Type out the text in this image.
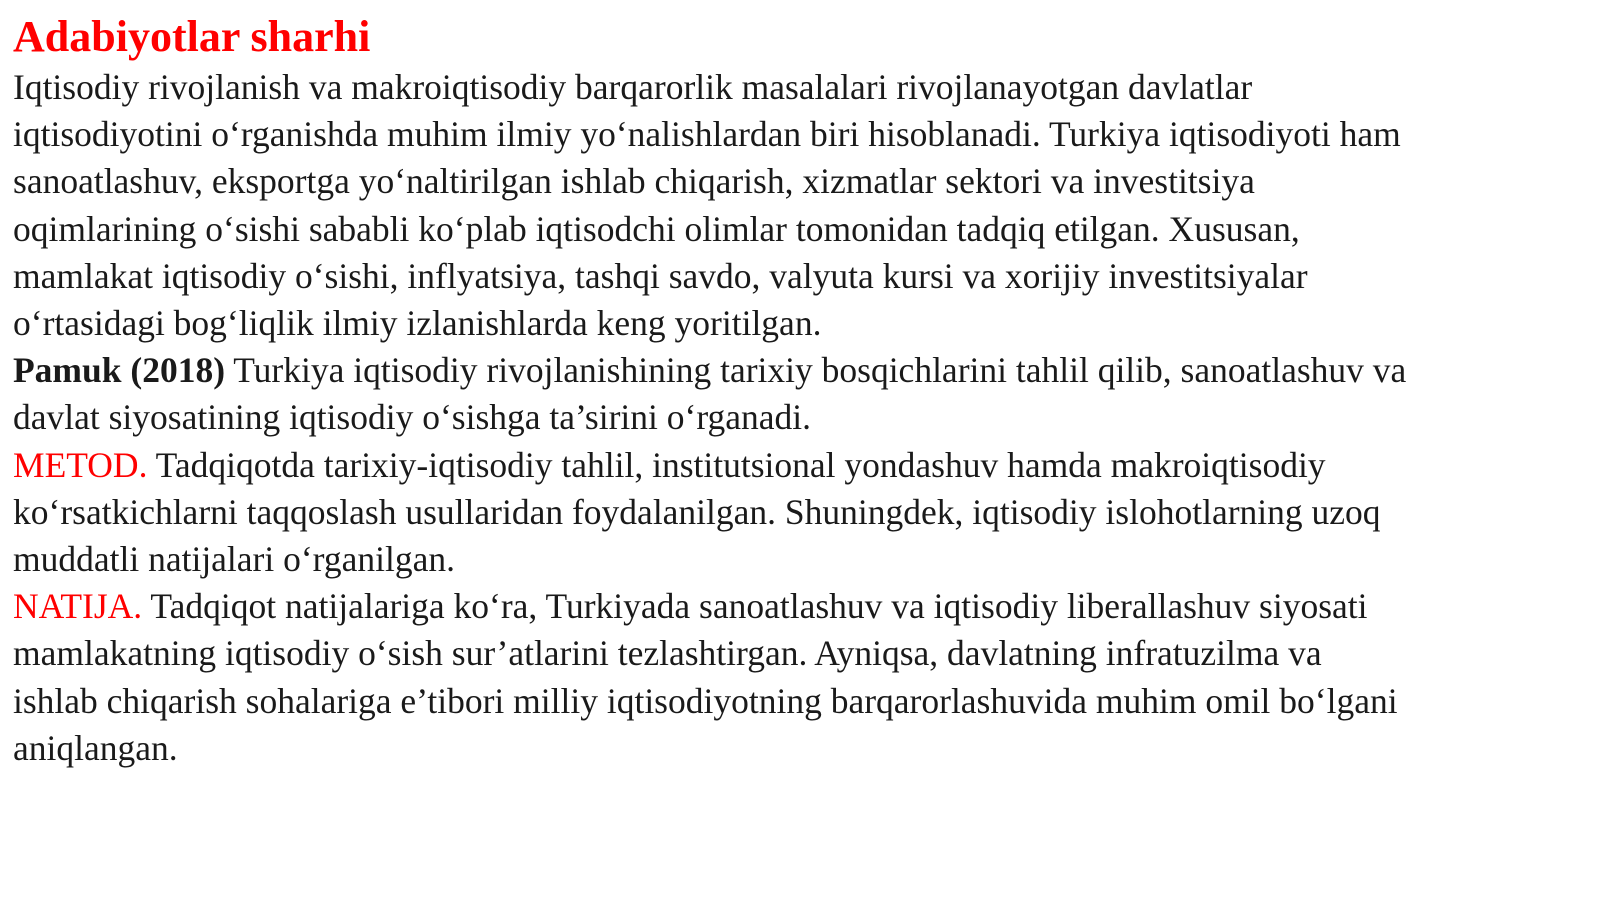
Adabiyotlar sharhi
Iqtisodiy rivojlanish va makroiqtisodiy barqarorlik masalalari rivojlanayotgan davlatlar
iqtisodiyotini o‘rganishda muhim ilmiy yo‘nalishlardan biri hisoblanadi. Turkiya iqtisodiyoti ham
sanoatlashuv, eksportga yo‘naltirilgan ishlab chiqarish, xizmatlar sektori va investitsiya
oqimlarining o‘sishi sababli ko‘plab iqtisodchi olimlar tomonidan tadqiq etilgan. Xususan,
mamlakat iqtisodiy o‘sishi, inflyatsiya, tashqi savdo, valyuta kursi va xorijiy investitsiyalar
o‘rtasidagi bog‘liqlik ilmiy izlanishlarda keng yoritilgan.
Pamuk (2018) Turkiya iqtisodiy rivojlanishining tarixiy bosqichlarini tahlil qilib, sanoatlashuv va
davlat siyosatining iqtisodiy o‘sishga ta’sirini o‘rganadi.
METOD. Tadqiqotda tarixiy-iqtisodiy tahlil, institutsional yondashuv hamda makroiqtisodiy
ko‘rsatkichlarni taqqoslash usullaridan foydalanilgan. Shuningdek, iqtisodiy islohotlarning uzoq
muddatli natijalari o‘rganilgan.
NATIJA. Tadqiqot natijalariga ko‘ra, Turkiyada sanoatlashuv va iqtisodiy liberallashuv siyosati
mamlakatning iqtisodiy o‘sish sur’atlarini tezlashtirgan. Ayniqsa, davlatning infratuzilma va
ishlab chiqarish sohalariga e’tibori milliy iqtisodiyotning barqarorlashuvida muhim omil bo‘lgani
aniqlangan.
